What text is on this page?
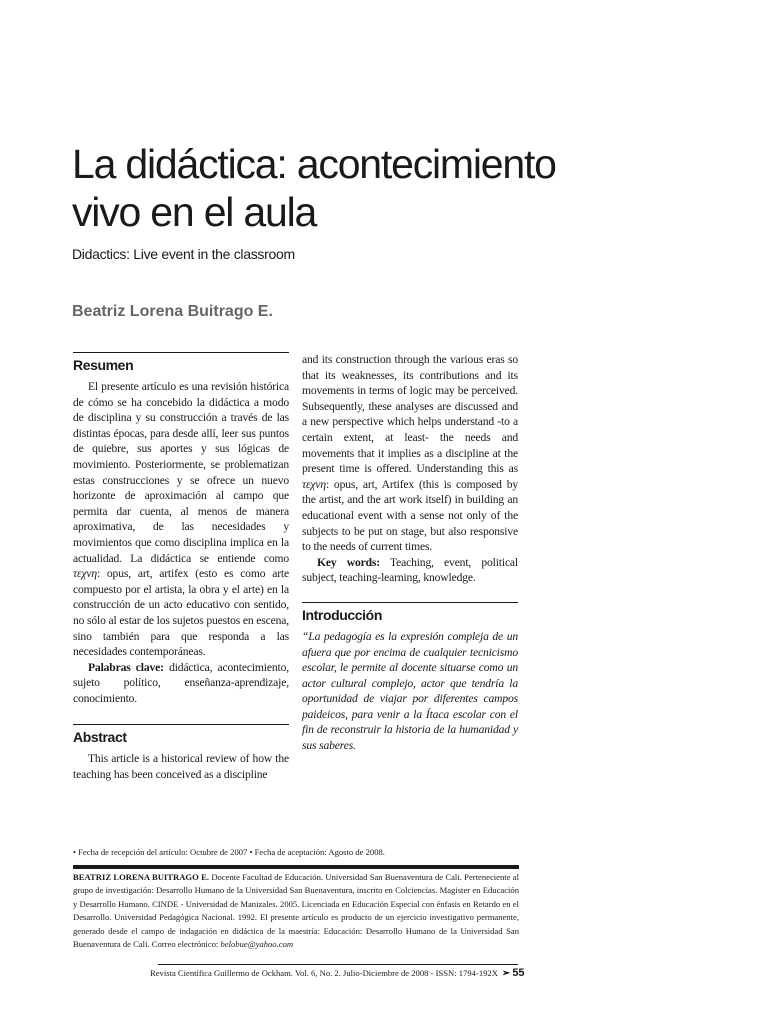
La didáctica: acontecimiento vivo en el aula

Didactics: Live event in the classroom

Beatriz Lorena Buitrago E.

Resumen

El presente artículo es una revisión histórica de cómo se ha concebido la didáctica a modo de disciplina y su construcción a través de las distintas épocas, para desde allí, leer sus puntos de quiebre, sus aportes y sus lógicas de movimiento. Posteriormente, se problematizan estas construcciones y se ofrece un nuevo horizonte de aproximación al campo que permita dar cuenta, al menos de manera aproximativa, de las necesidades y movimientos que como disciplina implica en la actualidad. La didáctica se entiende como τεχνη: opus, art, artifex (esto es como arte compuesto por el artista, la obra y el arte) en la construcción de un acto educativo con sentido, no sólo al estar de los sujetos puestos en escena, sino también para que responda a las necesidades contemporáneas.

Palabras clave: didáctica, acontecimiento, sujeto político, enseñanza-aprendizaje, conocimiento.

Abstract

This article is a historical review of how the teaching has been conceived as a discipline

and its construction through the various eras so that its weaknesses, its contributions and its movements in terms of logic may be perceived. Subsequently, these analyses are discussed and a new perspective which helps understand -to a certain extent, at least- the needs and movements that it implies as a discipline at the present time is offered. Understanding this as τεχνη: opus, art, Artifex (this is composed by the artist, and the art work itself) in building an educational event with a sense not only of the subjects to be put on stage, but also responsive to the needs of current times.

Key words: Teaching, event, political subject, teaching-learning, knowledge.

Introducción

“La pedagogía es la expresión compleja de un afuera que por encima de cualquier tecnicismo escolar, le permite al docente situarse como un actor cultural complejo, actor que tendría la oportunidad de viajar por diferentes campos paideicos, para venir a la Ítaca escolar con el fin de reconstruir la historia de la humanidad y sus saberes.

• Fecha de recepción del artículo: Octubre de 2007 • Fecha de aceptación: Agosto de 2008.

BEATRIZ LORENA BUITRAGO E. Docente Facultad de Educación. Universidad San Buenaventura de Cali. Perteneciente al grupo de investigación: Desarrollo Humano de la Universidad San Buenaventura, inscrito en Colciencias. Magister en Educación y Desarrollo Humano. CINDE - Universidad de Manizales. 2005. Licenciada en Educación Especial con énfasis en Retardo en el Desarrollo. Universidad Pedagógica Nacional. 1992. El presente artículo es producto de un ejercicio investigativo permanente, generado desde el campo de indagación en didáctica de la maestría: Educación: Desarrollo Humano de la Universidad San Buenaventura de Cali. Correo electrónico: belobue@yahoo.com

Revista Científica Guillermo de Ockham. Vol. 6, No. 2. Julio-Diciembre de 2008 - ISSN: 1794-192X ➢ 55
